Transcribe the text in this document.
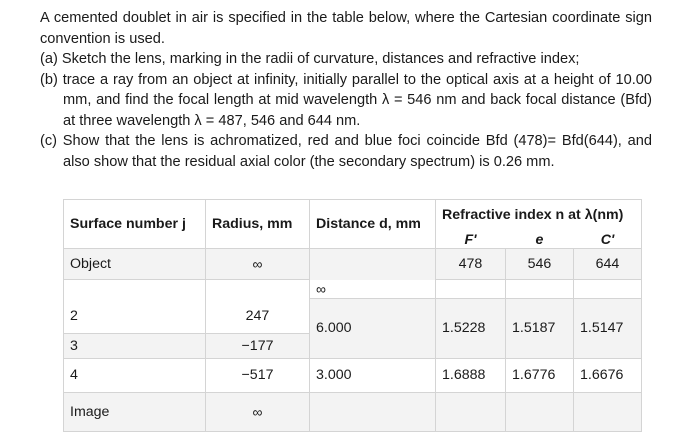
A cemented doublet in air is specified in the table below, where the Cartesian coordinate sign convention is used.

(a) Sketch the lens, marking in the radii of curvature, distances and refractive index;

(b) trace a ray from an object at infinity, initially parallel to the optical axis at a height of 10.00 mm, and find the focal length at mid wavelength λ = 546 nm and back focal distance (Bfd) at three wavelength λ = 487, 546 and 644 nm.

(c) Show that the lens is achromatized, red and blue foci coincide Bfd (478)= Bfd(644), and also show that the residual axial color (the secondary spectrum) is 0.26 mm.

Surface number j	Radius, mm	Distance d, mm	Refractive index n at λ(nm)		
			F'	e	C'
Object	∞		478	546	644
		∞			
2	247	6.000	1.5228	1.5187	1.5147

3	−177				
4	−517	3.000	1.6888	1.6776	1.6676

Image	∞				
